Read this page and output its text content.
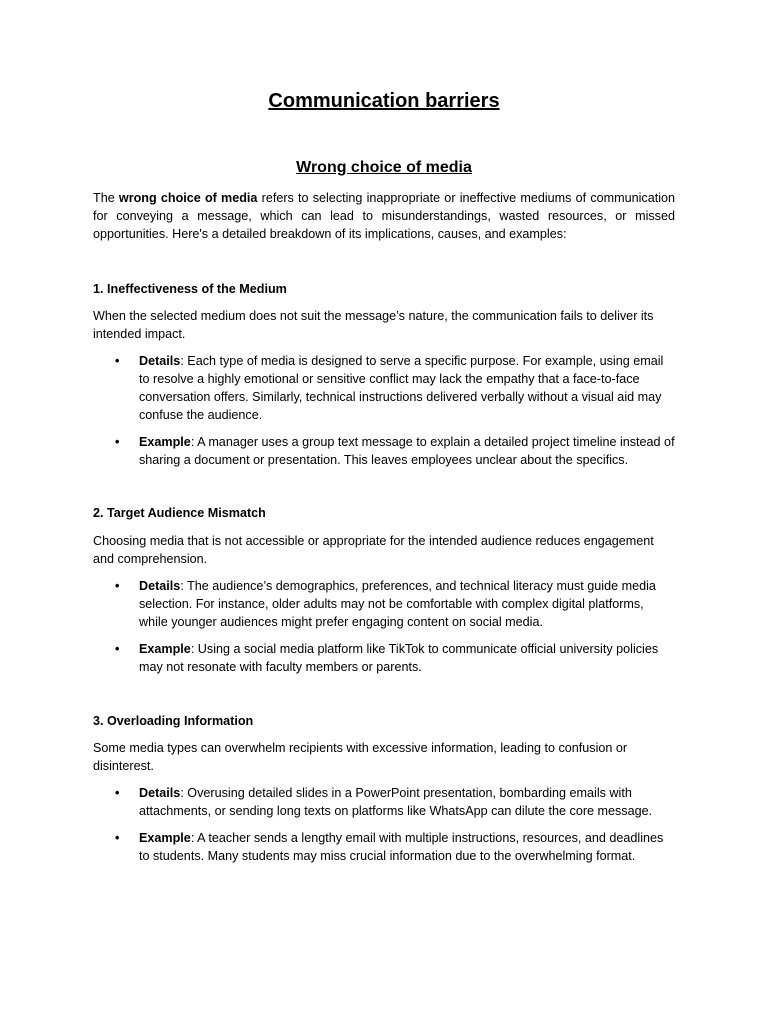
Communication barriers
Wrong choice of media

The wrong choice of media refers to selecting inappropriate or ineffective mediums of communication for conveying a message, which can lead to misunderstandings, wasted resources, or missed opportunities. Here's a detailed breakdown of its implications, causes, and examples:

1. Ineffectiveness of the Medium

When the selected medium does not suit the message’s nature, the communication fails to deliver its intended impact.

• Details: Each type of media is designed to serve a specific purpose. For example, using email to resolve a highly emotional or sensitive conflict may lack the empathy that a face-to-face conversation offers. Similarly, technical instructions delivered verbally without a visual aid may confuse the audience.
• Example: A manager uses a group text message to explain a detailed project timeline instead of sharing a document or presentation. This leaves employees unclear about the specifics.

2. Target Audience Mismatch

Choosing media that is not accessible or appropriate for the intended audience reduces engagement and comprehension.

• Details: The audience’s demographics, preferences, and technical literacy must guide media selection. For instance, older adults may not be comfortable with complex digital platforms, while younger audiences might prefer engaging content on social media.
• Example: Using a social media platform like TikTok to communicate official university policies may not resonate with faculty members or parents.

3. Overloading Information

Some media types can overwhelm recipients with excessive information, leading to confusion or disinterest.

• Details: Overusing detailed slides in a PowerPoint presentation, bombarding emails with attachments, or sending long texts on platforms like WhatsApp can dilute the core message.
• Example: A teacher sends a lengthy email with multiple instructions, resources, and deadlines to students. Many students may miss crucial information due to the overwhelming format.
